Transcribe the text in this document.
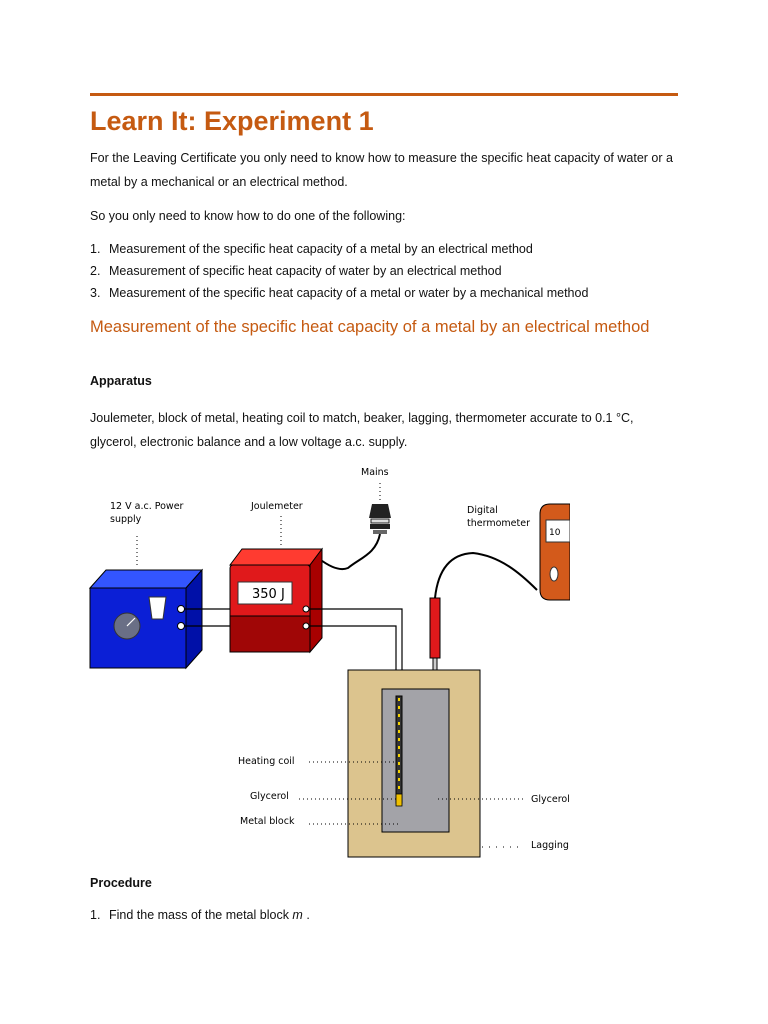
Learn It: Experiment 1

For the Leaving Certificate you only need to know how to measure the specific heat capacity of water or a
metal by a mechanical or an electrical method.

So you only need to know how to do one of the following:

1. Measurement of the specific heat capacity of a metal by an electrical method
2. Measurement of specific heat capacity of water by an electrical method
3. Measurement of the specific heat capacity of a metal or water by a mechanical method
Measurement of the specific heat capacity of a metal by an electrical method
Apparatus

Joulemeter, block of metal, heating coil to match, beaker, lagging, thermometer accurate to 0.1 °C,
glycerol, electronic balance and a low voltage a.c. supply.

Mains
12 V a.c. Power
supply
Joulemeter
350 J
Digital
thermometer
10
Heating coil
Glycerol
Metal block
Glycerol
Lagging
Procedure
1. Find the mass of the metal block m .
